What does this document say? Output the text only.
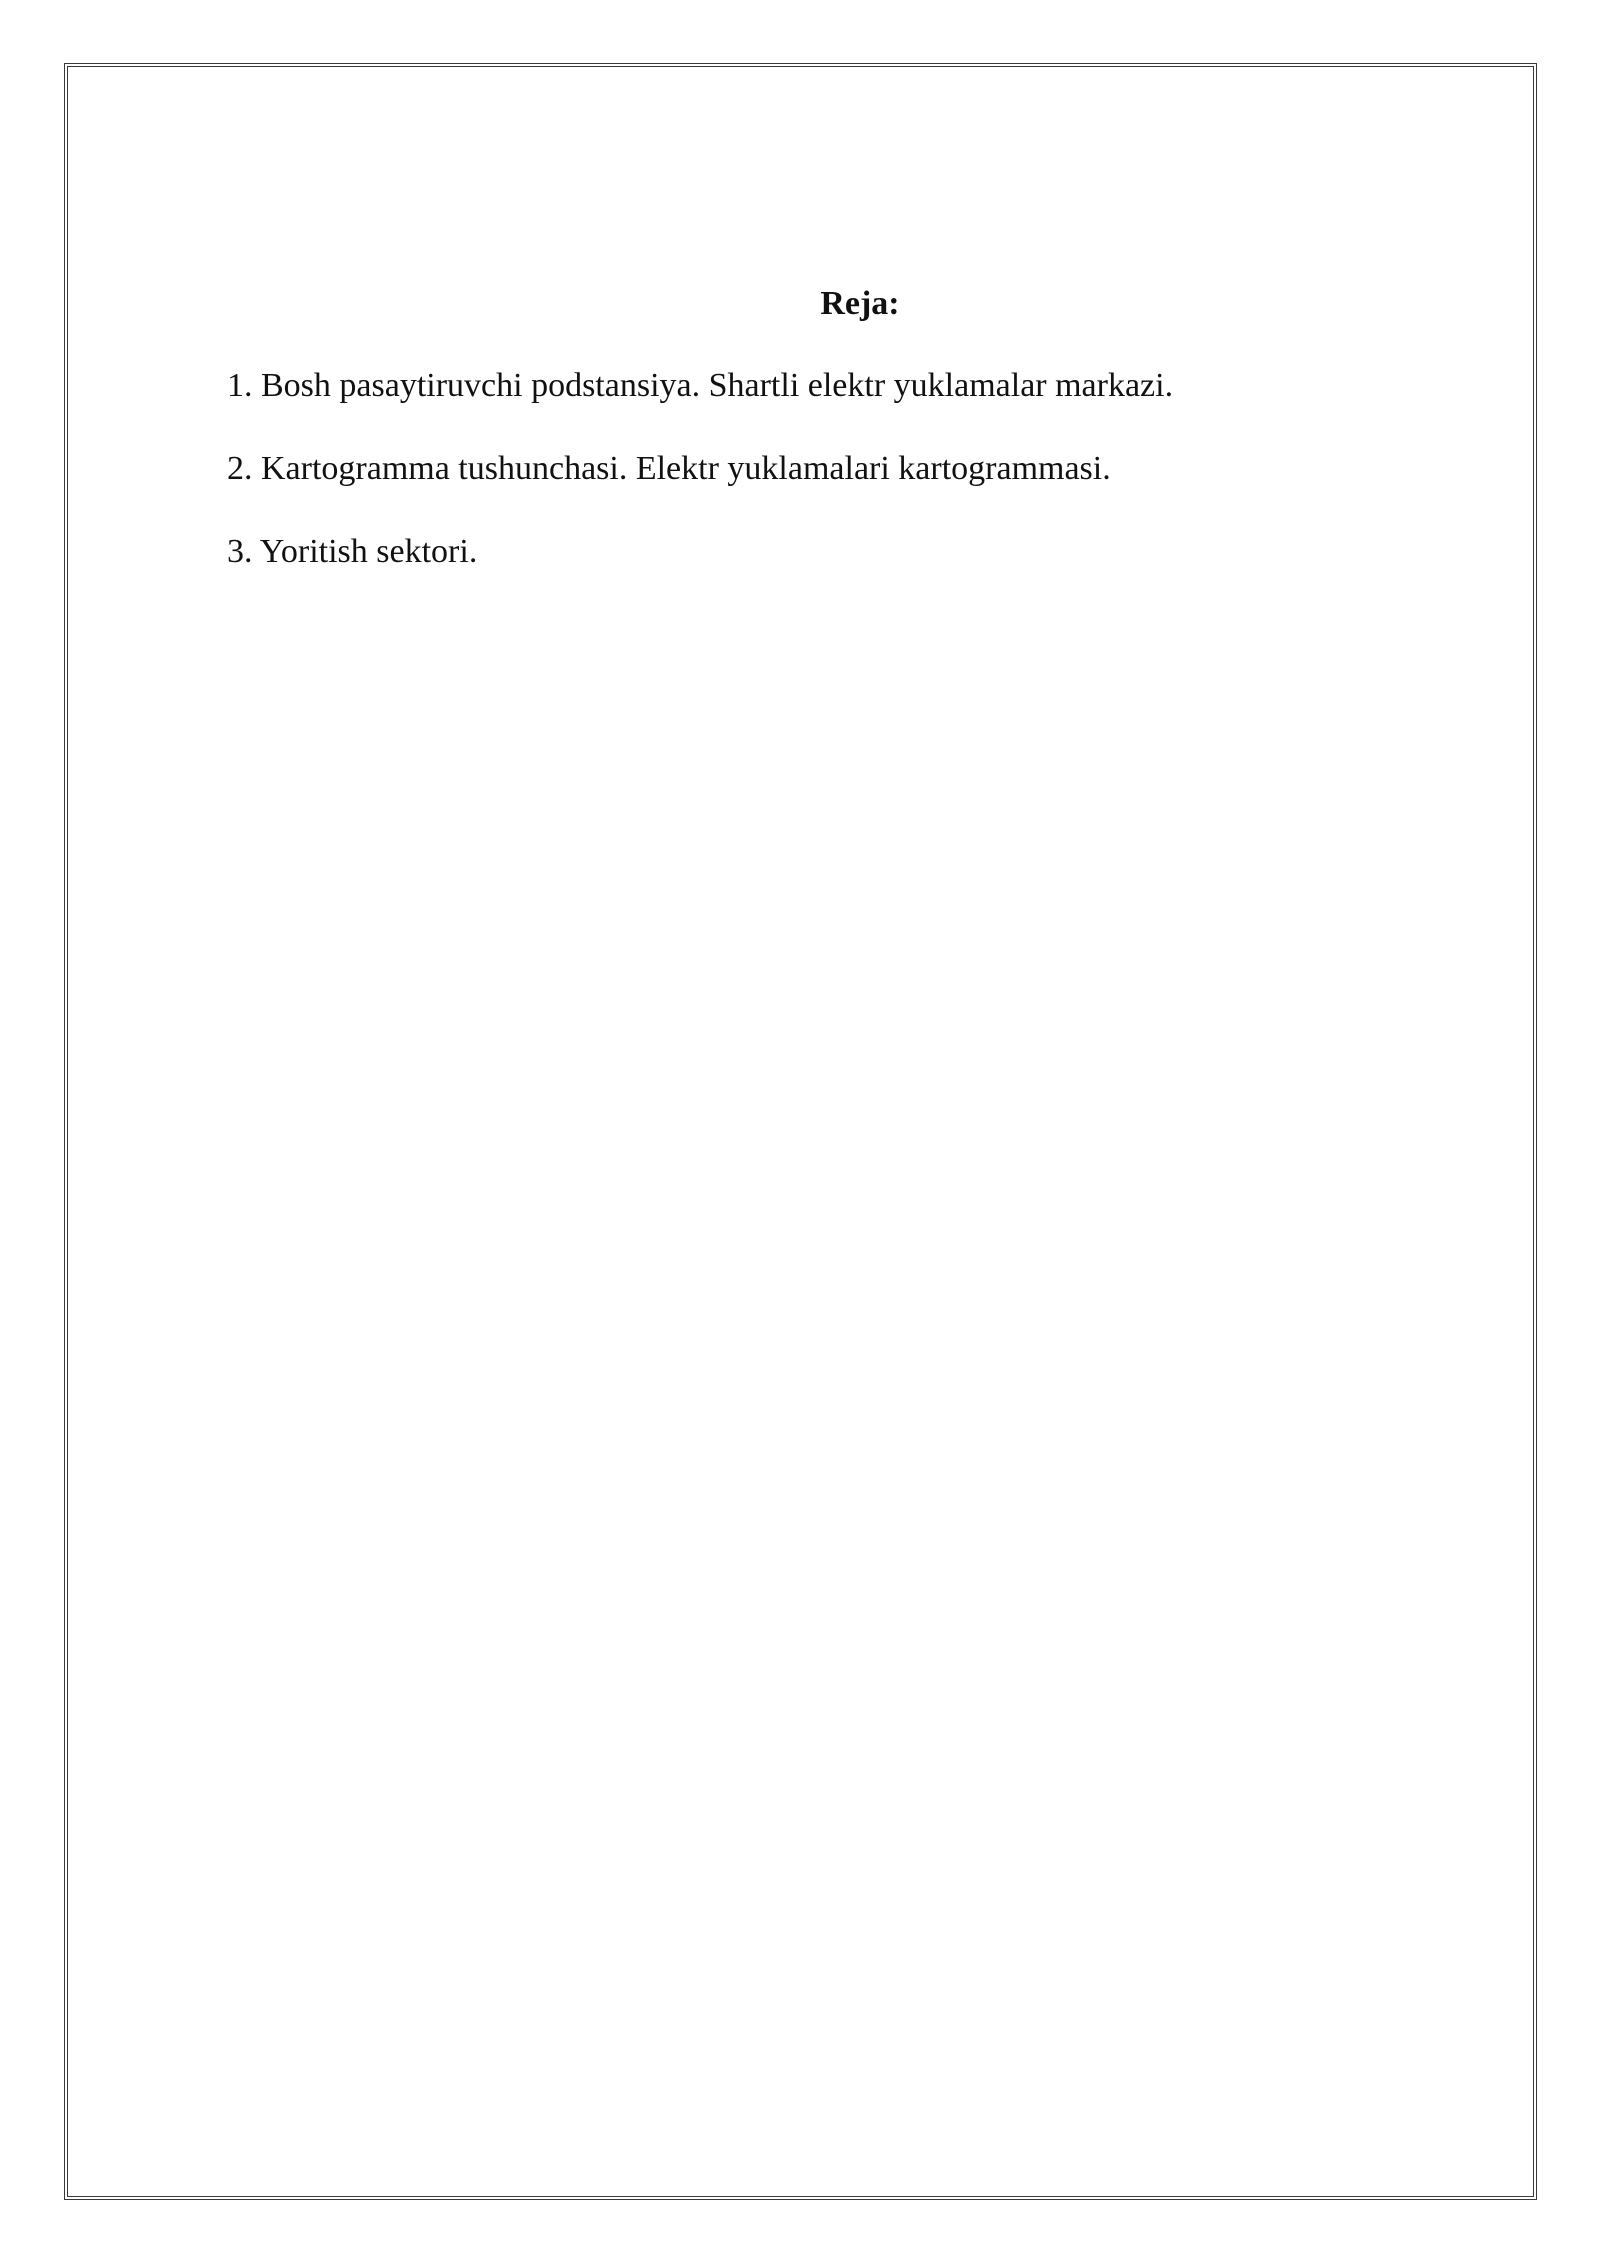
Reja:
1. Bosh pasaytiruvchi podstansiya. Shartli elektr yuklamalar markazi.
2. Kartogramma tushunchasi. Elektr yuklamalari kartogrammasi.
3. Yoritish sektori.
